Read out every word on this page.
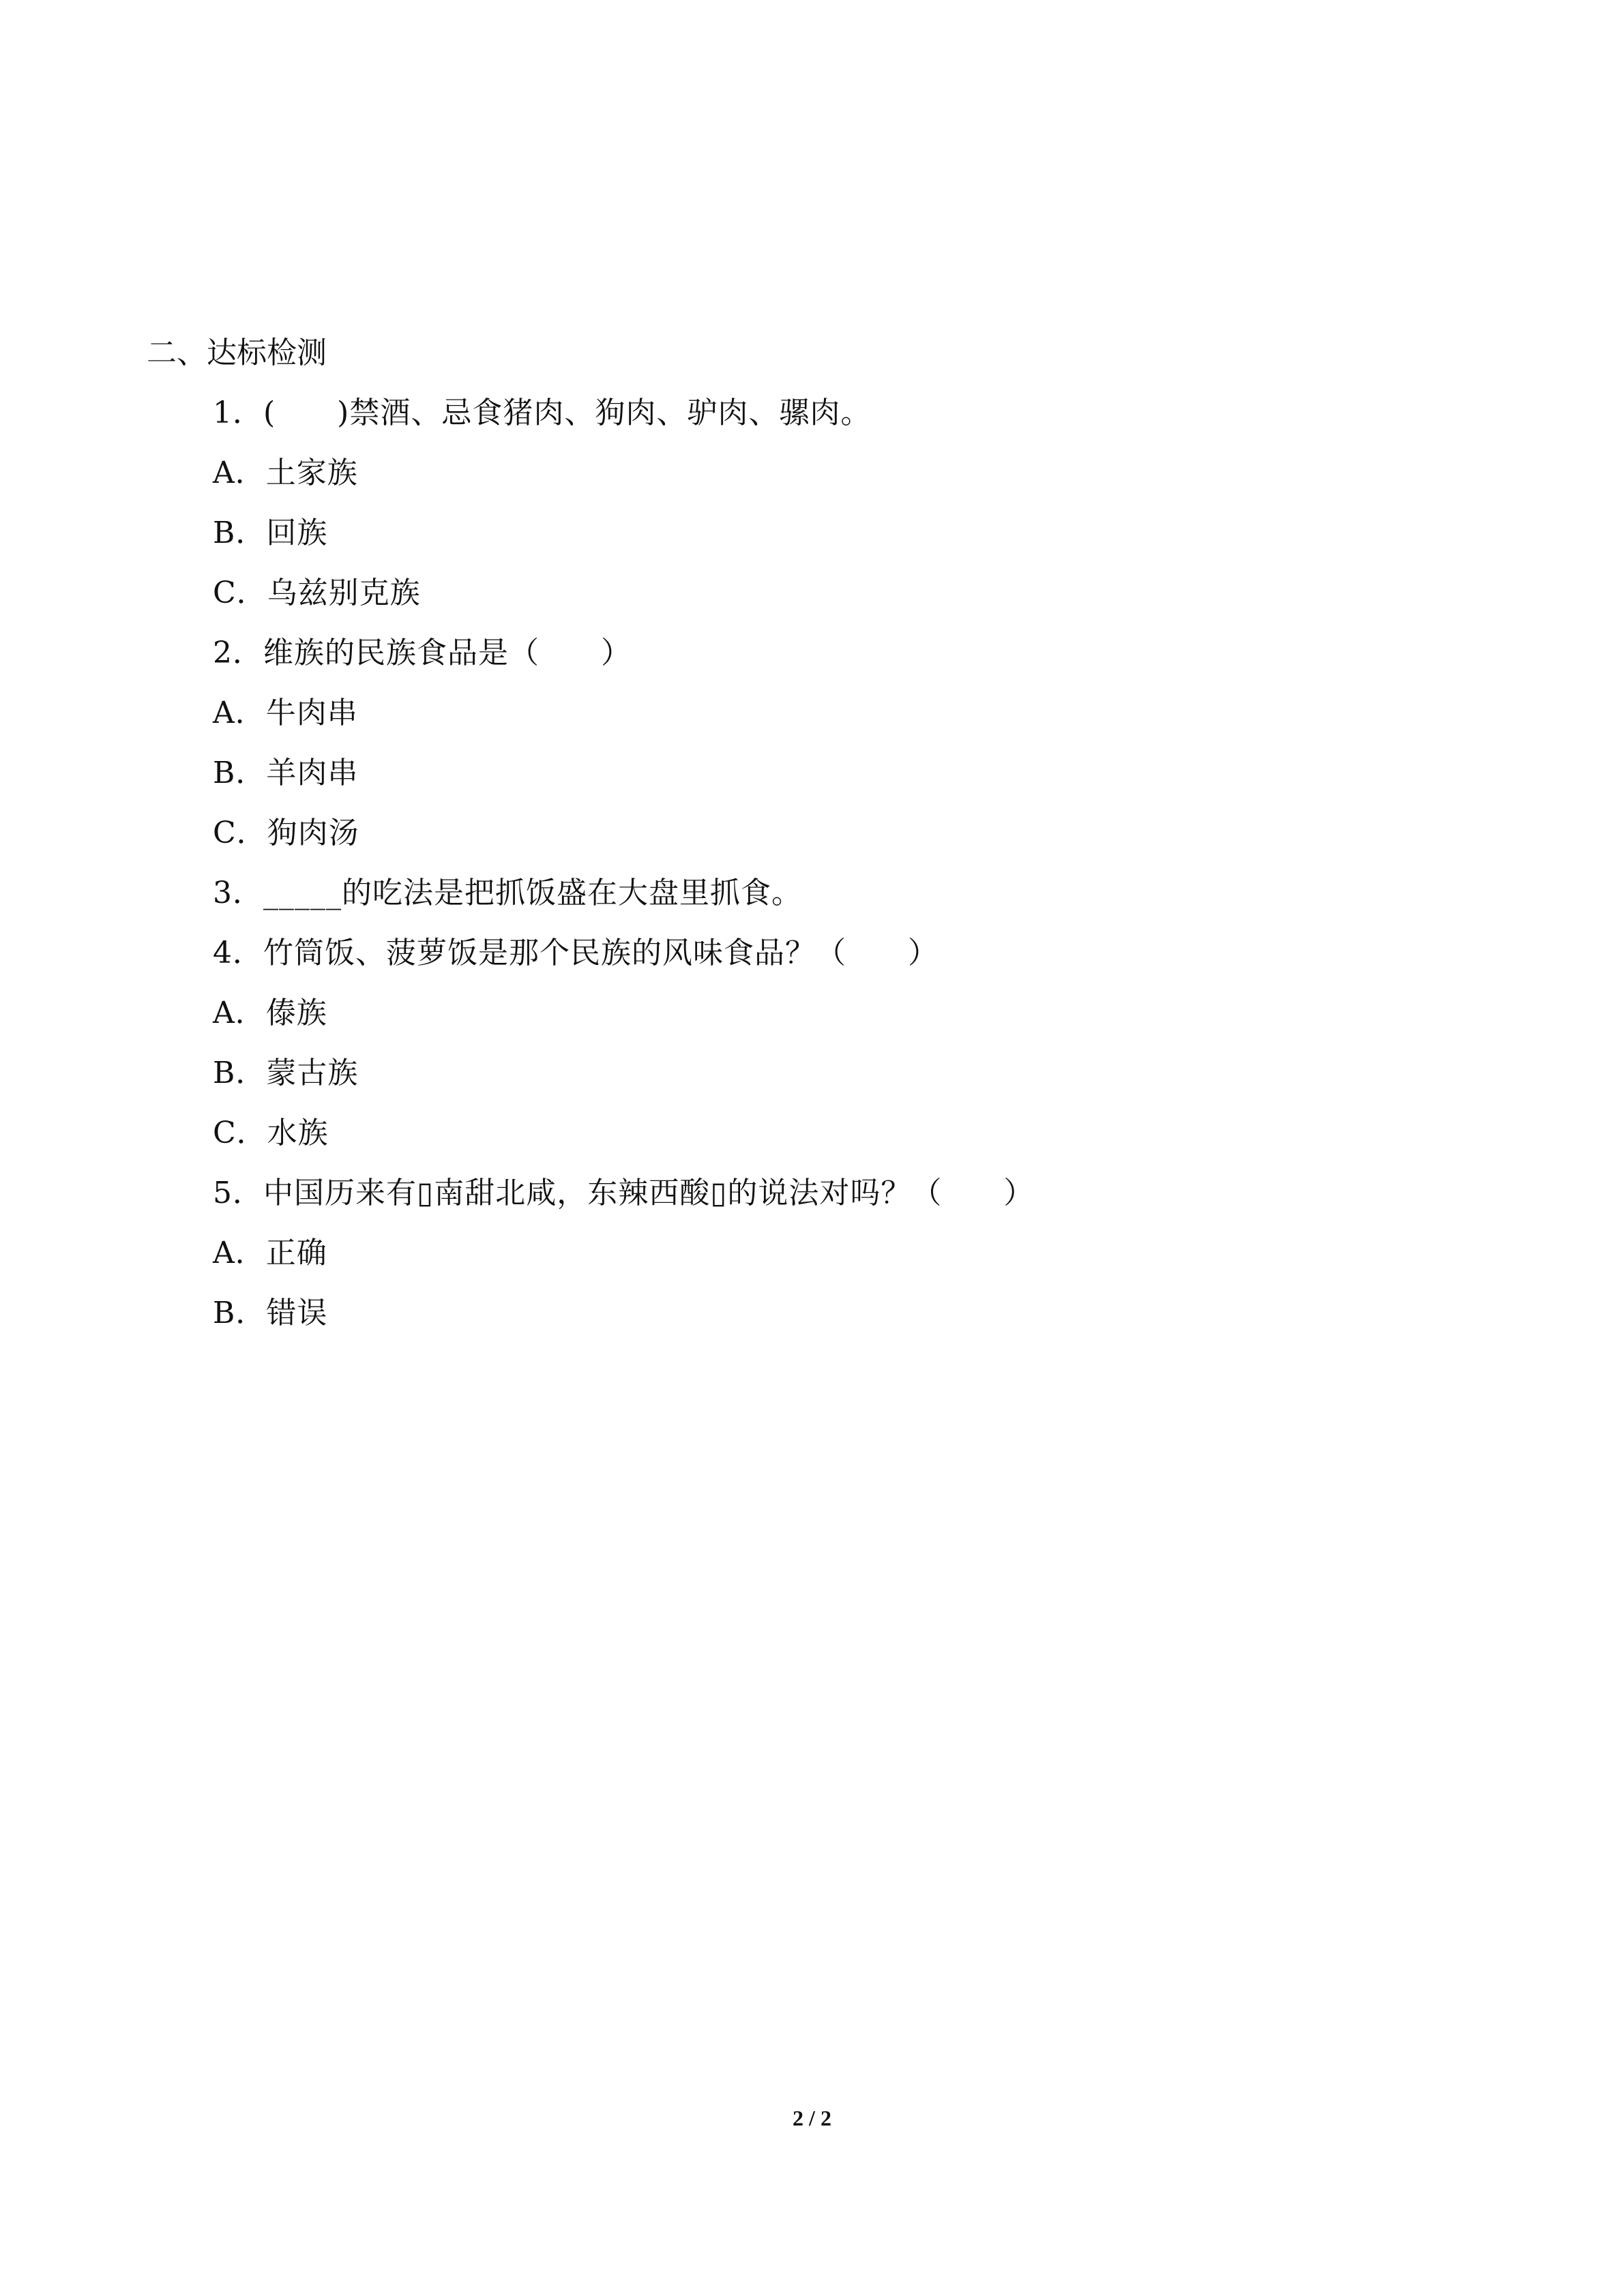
二、达标检测
1．(　　)禁酒、忌食猪肉、狗肉、驴肉、骡肉。
A．土家族
B．回族
C．乌兹别克族
2．维族的民族食品是（　　）
A．牛肉串
B．羊肉串
C．狗肉汤
3．_____的吃法是把抓饭盛在大盘里抓食。
4．竹筒饭、菠萝饭是那个民族的风味食品？（　　）
A．傣族
B．蒙古族
C．水族
5．中国历来有▯南甜北咸，东辣西酸▯的说法对吗？（　　）
A．正确
B．错误
2 / 2
